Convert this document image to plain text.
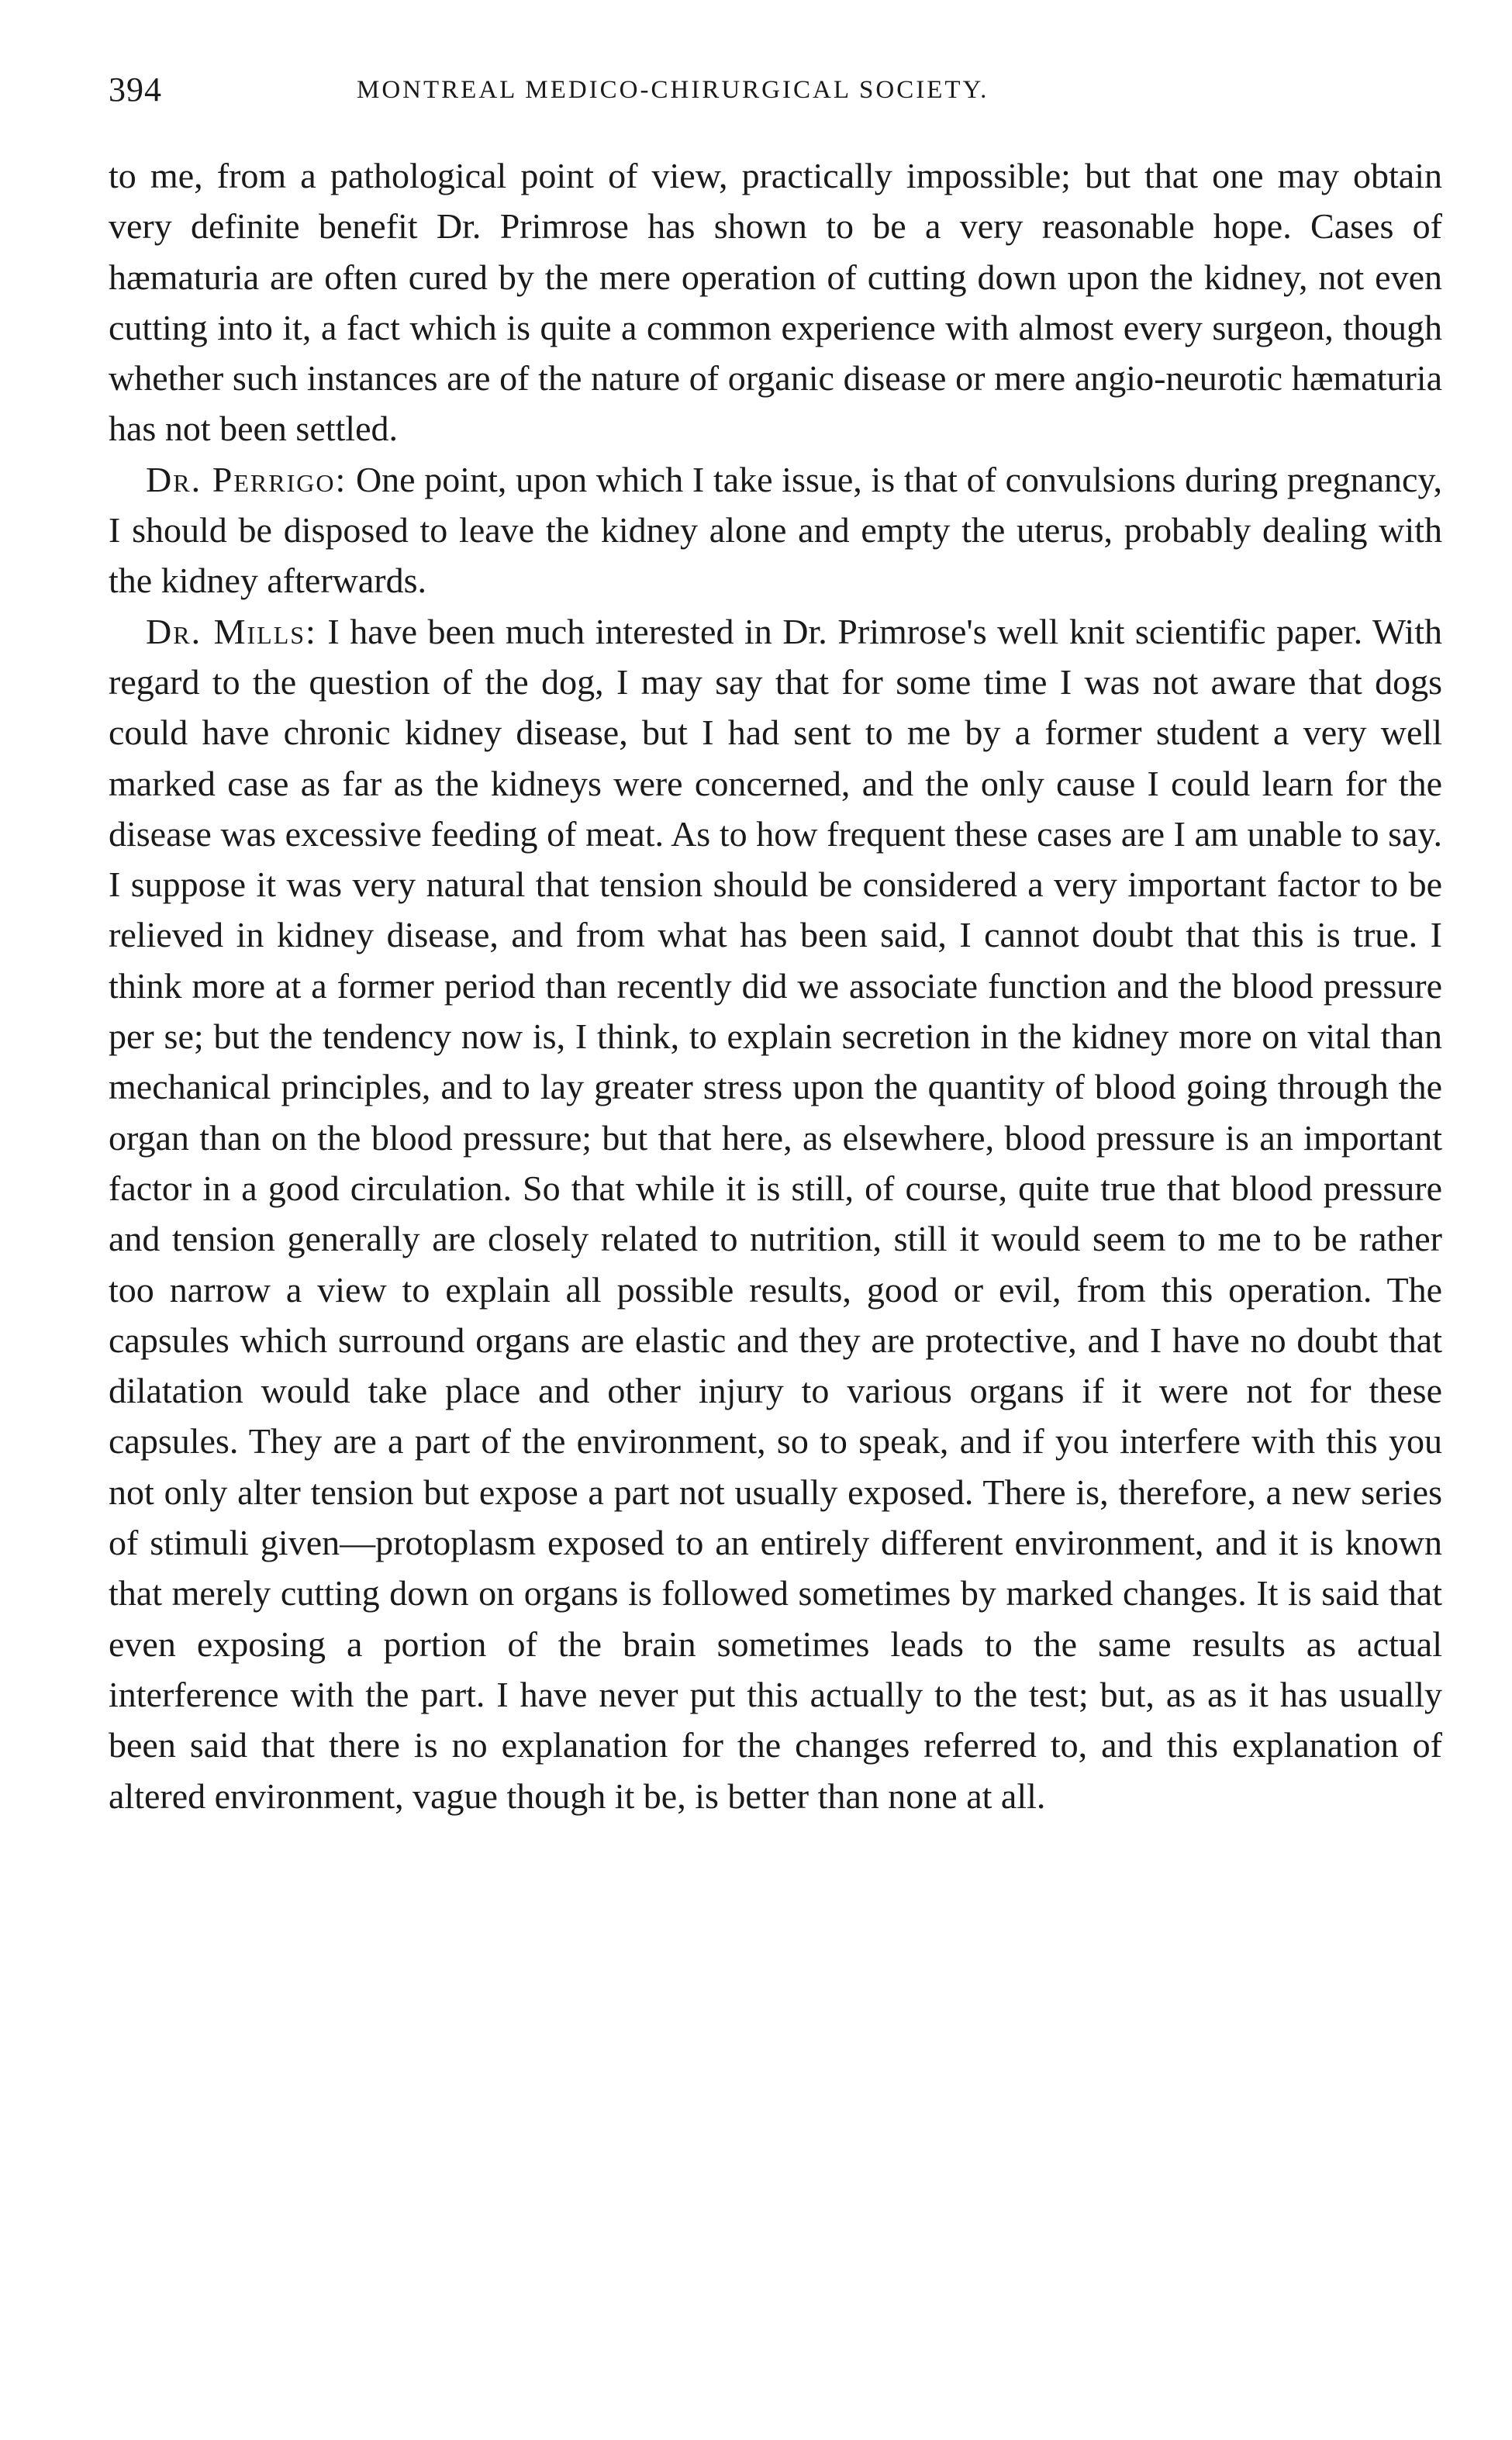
394	MONTREAL MEDICO-CHIRURGICAL SOCIETY.

to me, from a pathological point of view, practically impossible; but that one may obtain very definite benefit Dr. Primrose has shown to be a very reasonable hope. Cases of hæmaturia are often cured by the mere operation of cutting down upon the kidney, not even cutting into it, a fact which is quite a common experience with almost every surgeon, though whether such instances are of the nature of organic disease or mere angio-neurotic hæmaturia has not been settled.

Dr. Perrigo: One point, upon which I take issue, is that of convulsions during pregnancy, I should be disposed to leave the kidney alone and empty the uterus, probably dealing with the kidney afterwards.

Dr. Mills: I have been much interested in Dr. Primrose's well knit scientific paper. With regard to the question of the dog, I may say that for some time I was not aware that dogs could have chronic kidney disease, but I had sent to me by a former student a very well marked case as far as the kidneys were concerned, and the only cause I could learn for the disease was excessive feeding of meat. As to how frequent these cases are I am unable to say. I suppose it was very natural that tension should be considered a very important factor to be relieved in kidney disease, and from what has been said, I cannot doubt that this is true. I think more at a former period than recently did we associate function and the blood pressure per se; but the tendency now is, I think, to explain secretion in the kidney more on vital than mechanical principles, and to lay greater stress upon the quantity of blood going through the organ than on the blood pressure; but that here, as elsewhere, blood pressure is an important factor in a good circulation. So that while it is still, of course, quite true that blood pressure and tension generally are closely related to nutrition, still it would seem to me to be rather too narrow a view to explain all possible results, good or evil, from this operation. The capsules which surround organs are elastic and they are protective, and I have no doubt that dilatation would take place and other injury to various organs if it were not for these capsules. They are a part of the environment, so to speak, and if you interfere with this you not only alter tension but expose a part not usually exposed. There is, therefore, a new series of stimuli given—protoplasm exposed to an entirely different environment, and it is known that merely cutting down on organs is followed sometimes by marked changes. It is said that even exposing a portion of the brain sometimes leads to the same results as actual interference with the part. I have never put this actually to the test; but, as as it has usually been said that there is no explanation for the changes referred to, and this explanation of altered environment, vague though it be, is better than none at all.
